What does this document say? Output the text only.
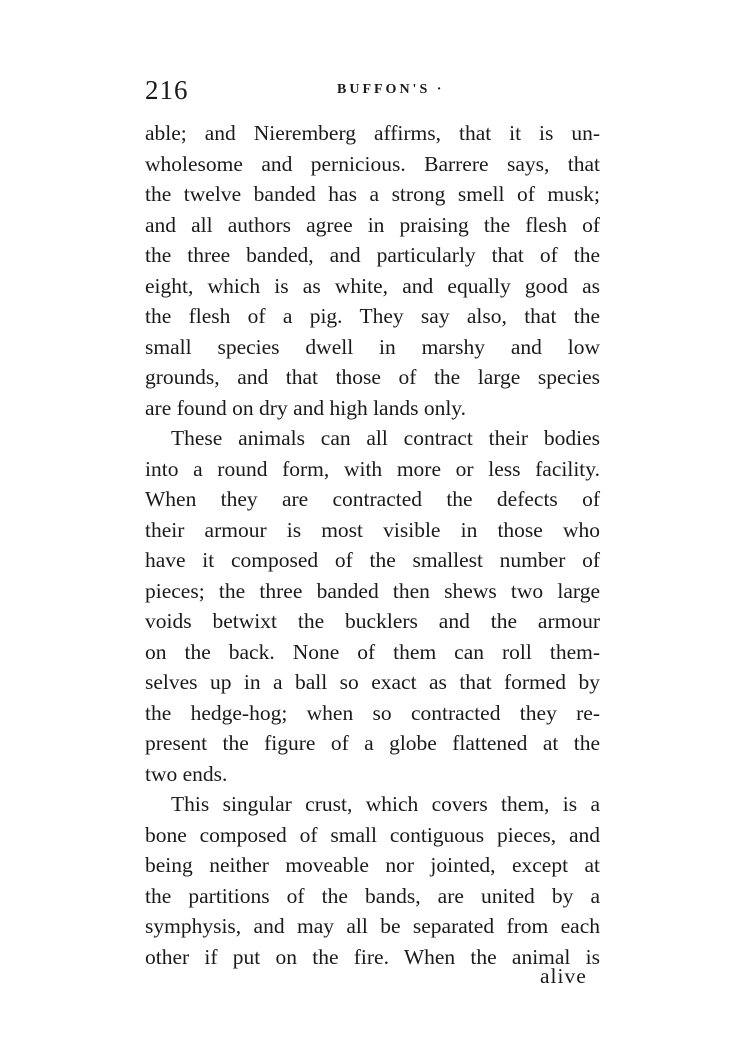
216	BUFFON'S ·
able; and Nieremberg affirms, that it is un-
wholesome and pernicious. Barrere says, that
the twelve banded has a strong smell of musk;
and all authors agree in praising the flesh of
the three banded, and particularly that of the
eight, which is as white, and equally good as
the flesh of a pig. They say also, that the
small species dwell in marshy and low
grounds, and that those of the large species
are found on dry and high lands only.
These animals can all contract their bodies
into a round form, with more or less facility.
When they are contracted the defects of
their armour is most visible in those who
have it composed of the smallest number of
pieces; the three banded then shews two large
voids betwixt the bucklers and the armour
on the back. None of them can roll them-
selves up in a ball so exact as that formed by
the hedge-hog; when so contracted they re-
present the figure of a globe flattened at the
two ends.
This singular crust, which covers them, is a
bone composed of small contiguous pieces, and
being neither moveable nor jointed, except at
the partitions of the bands, are united by a
symphysis, and may all be separated from each
other if put on the fire. When the animal is
alive
